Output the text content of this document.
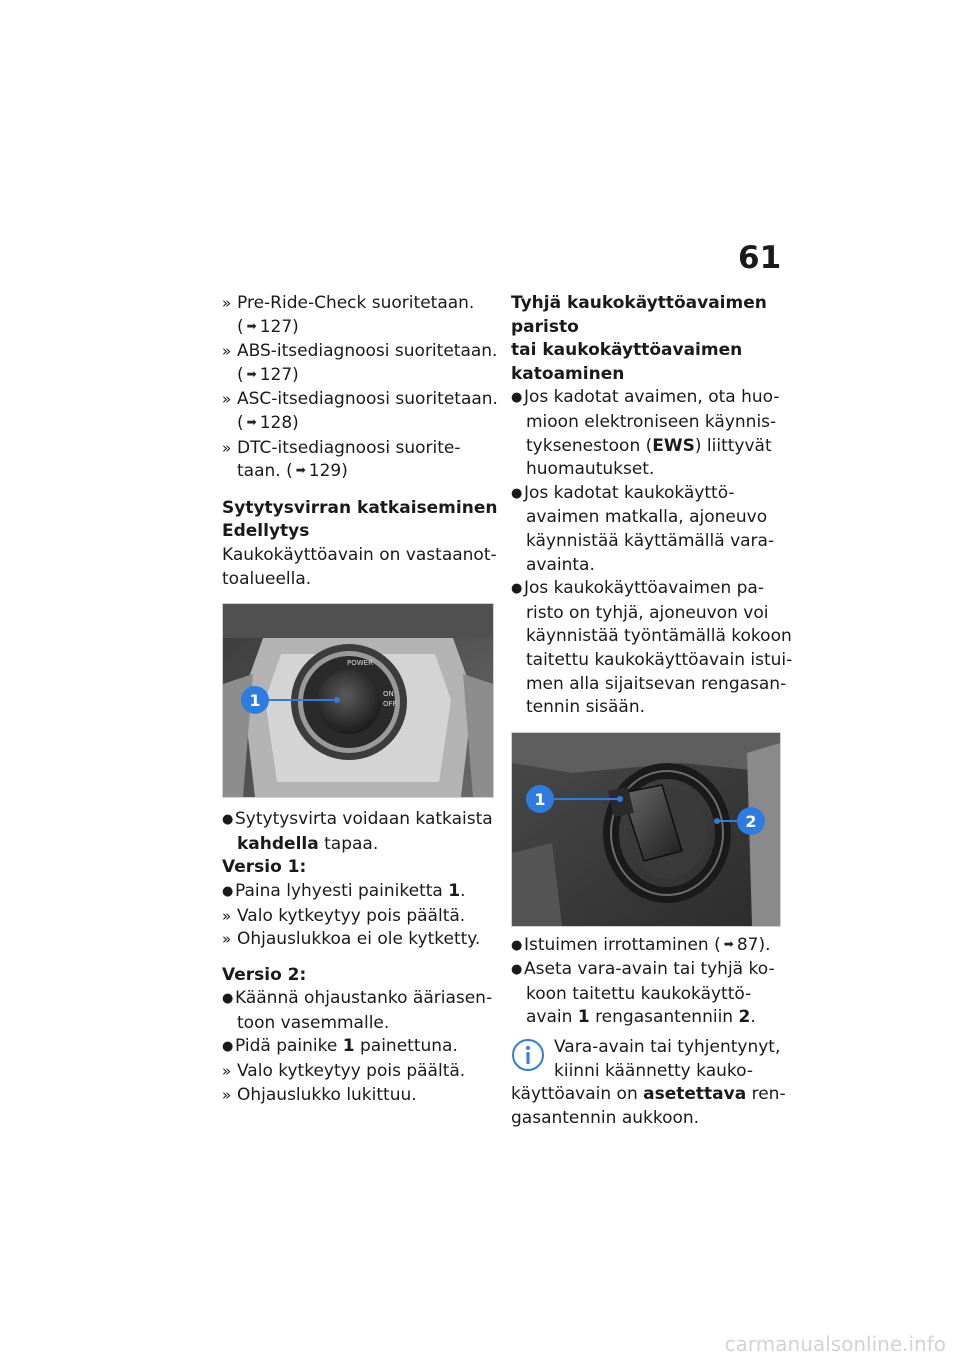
61
» Pre-Ride-Check suoritetaan.
( ➡ 127)
» ABS-itsediagnoosi suoritetaan.
( ➡ 127)
» ASC-itsediagnoosi suoritetaan.
( ➡ 128)
» DTC-itsediagnoosi suorite-
taan. ( ➡ 129)
Sytytysvirran katkaiseminen
Edellytys
Kaukokäyttöavain on vastaanot-
toalueella.
POWER
ON
OFF
1
●Sytytysvirta voidaan katkaista
kahdella tapaa.
Versio 1:
●Paina lyhyesti painiketta 1.
» Valo kytkeytyy pois päältä.
» Ohjauslukkoa ei ole kytketty.
Versio 2:
●Käännä ohjaustanko ääriasen-
toon vasemmalle.
●Pidä painike 1 painettuna.
» Valo kytkeytyy pois päältä.
» Ohjauslukko lukittuu.
Tyhjä kaukokäyttöavaimen
paristo
tai kaukokäyttöavaimen
katoaminen
●Jos kadotat avaimen, ota huo-
mioon elektroniseen käynnis-
tyksenestoon (EWS) liittyvät
huomautukset.
●Jos kadotat kaukokäyttö-
avaimen matkalla, ajoneuvo
käynnistää käyttämällä vara-
avainta.
●Jos kaukokäyttöavaimen pa-
risto on tyhjä, ajoneuvon voi
käynnistää työntämällä kokoon
taitettu kaukokäyttöavain istui-
men alla sijaitsevan rengasan-
tennin sisään.
1
2
●Istuimen irrottaminen ( ➡ 87).
●Aseta vara-avain tai tyhjä ko-
koon taitettu kaukokäyttö-
avain 1 rengasantenniin 2.
Vara-avain tai tyhjentynyt,
kiinni käännetty kauko-
käyttöavain on asetettava ren-
gasantennin aukkoon.
carmanualsonline.info
